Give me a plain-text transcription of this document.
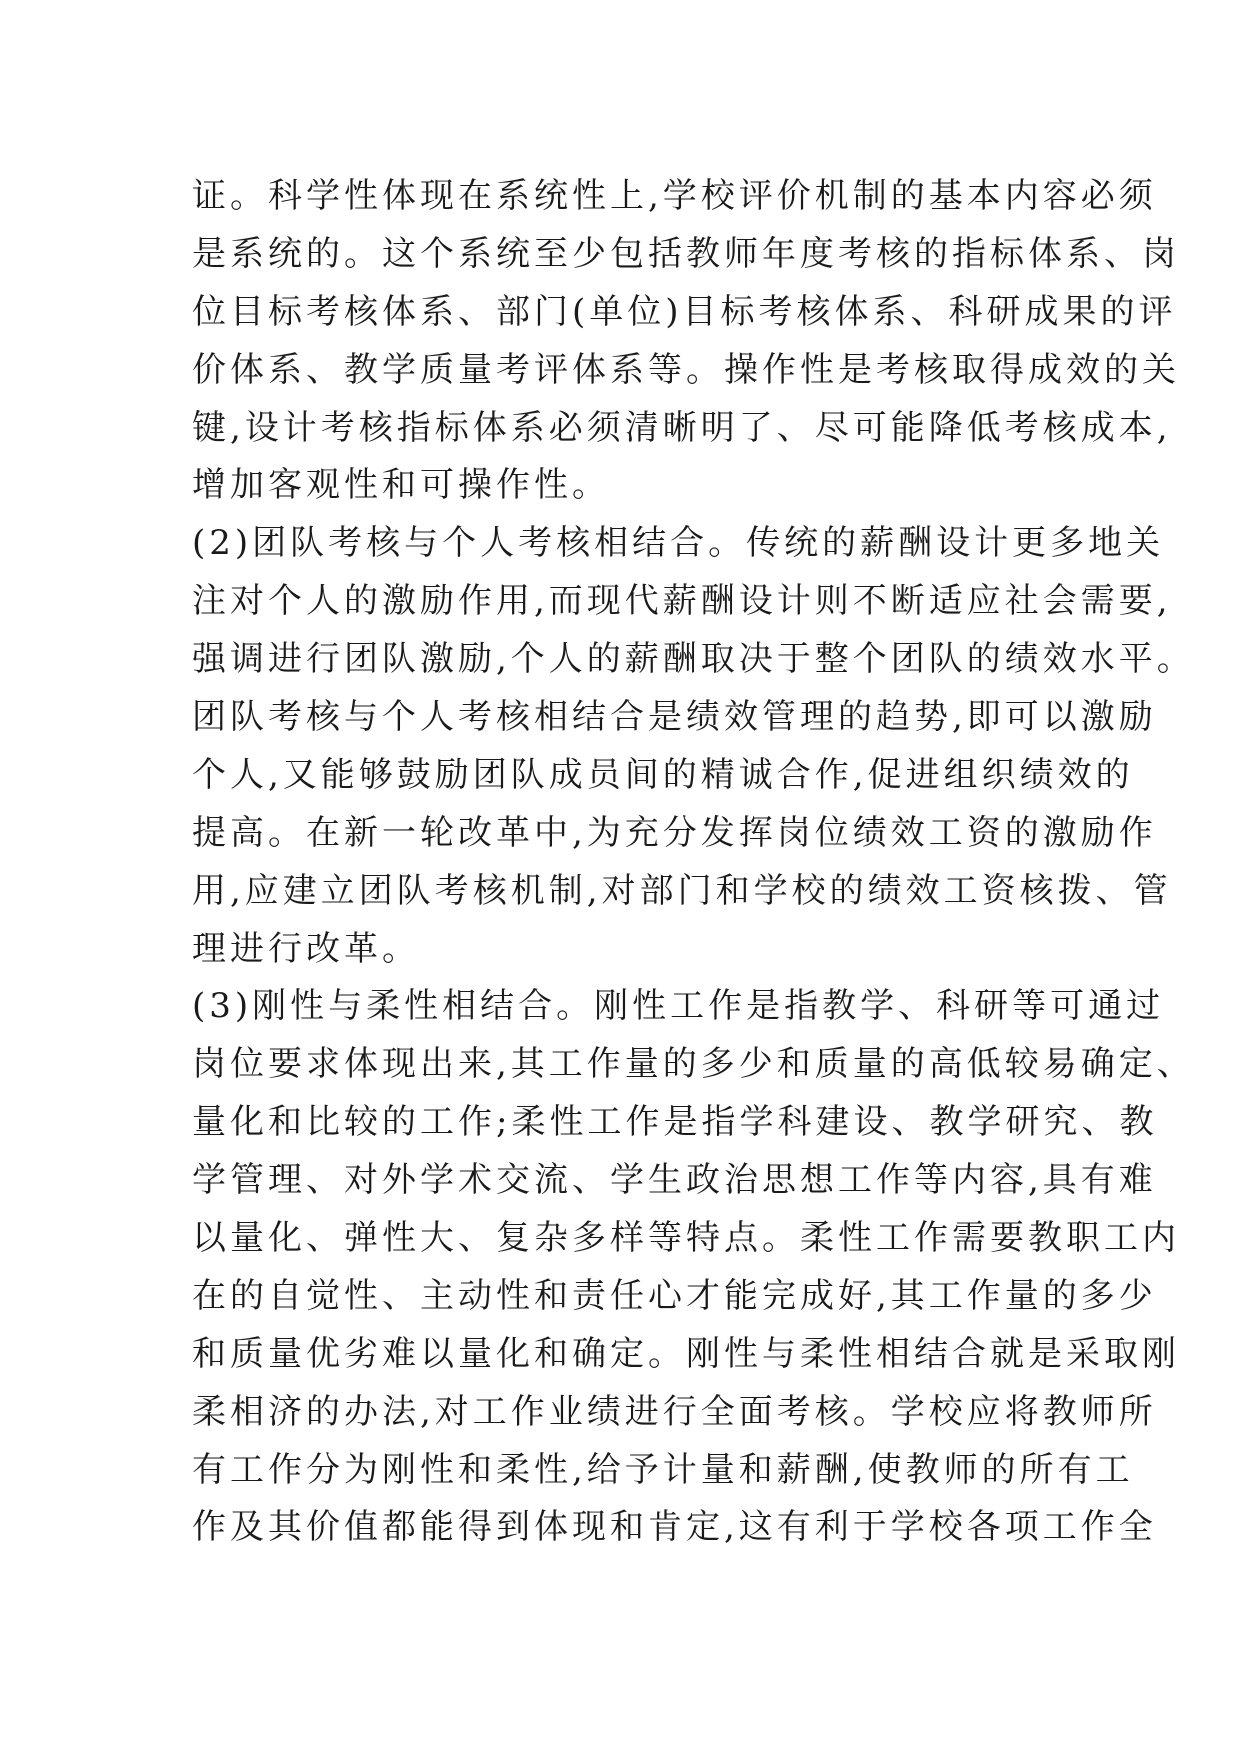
证。科学性体现在系统性上,学校评价机制的基本内容必须
是系统的。这个系统至少包括教师年度考核的指标体系、岗
位目标考核体系、部门(单位)目标考核体系、科研成果的评
价体系、教学质量考评体系等。操作性是考核取得成效的关
键,设计考核指标体系必须清晰明了、尽可能降低考核成本,
增加客观性和可操作性。
(2)团队考核与个人考核相结合。传统的薪酬设计更多地关
注对个人的激励作用,而现代薪酬设计则不断适应社会需要,
强调进行团队激励,个人的薪酬取决于整个团队的绩效水平。
团队考核与个人考核相结合是绩效管理的趋势,即可以激励
个人,又能够鼓励团队成员间的精诚合作,促进组织绩效的
提高。在新一轮改革中,为充分发挥岗位绩效工资的激励作
用,应建立团队考核机制,对部门和学校的绩效工资核拨、管
理进行改革。
(3)刚性与柔性相结合。刚性工作是指教学、科研等可通过
岗位要求体现出来,其工作量的多少和质量的高低较易确定、
量化和比较的工作;柔性工作是指学科建设、教学研究、教
学管理、对外学术交流、学生政治思想工作等内容,具有难
以量化、弹性大、复杂多样等特点。柔性工作需要教职工内
在的自觉性、主动性和责任心才能完成好,其工作量的多少
和质量优劣难以量化和确定。刚性与柔性相结合就是采取刚
柔相济的办法,对工作业绩进行全面考核。学校应将教师所
有工作分为刚性和柔性,给予计量和薪酬,使教师的所有工
作及其价值都能得到体现和肯定,这有利于学校各项工作全
